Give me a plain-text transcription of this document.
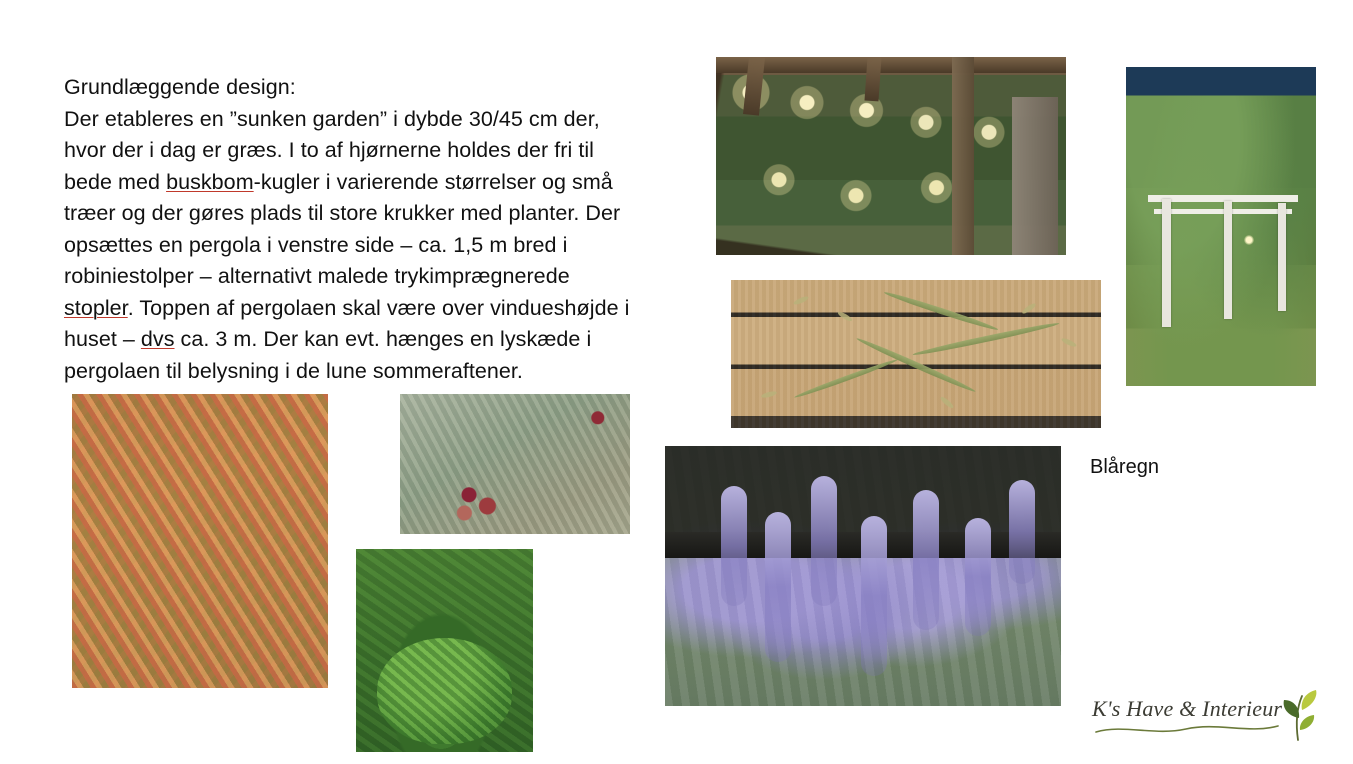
Grundlæggende design:
Der etableres en ”sunken garden” i dybde 30/45 cm der,
hvor der i dag er græs. I to af hjørnerne holdes der fri til
bede med buskbom-kugler i varierende størrelser og små
træer og der gøres plads til store krukker med planter. Der
opsættes en pergola i venstre side – ca. 1,5 m bred i
robiniestolper – alternativt malede trykimprægnerede
stopler. Toppen af pergolaen skal være over vindueshøjde i
huset – dvs ca. 3 m. Der kan evt. hænges en lyskæde i
pergolaen til belysning i de lune sommeraftener.
Blåregn
K's Have & Interieur
